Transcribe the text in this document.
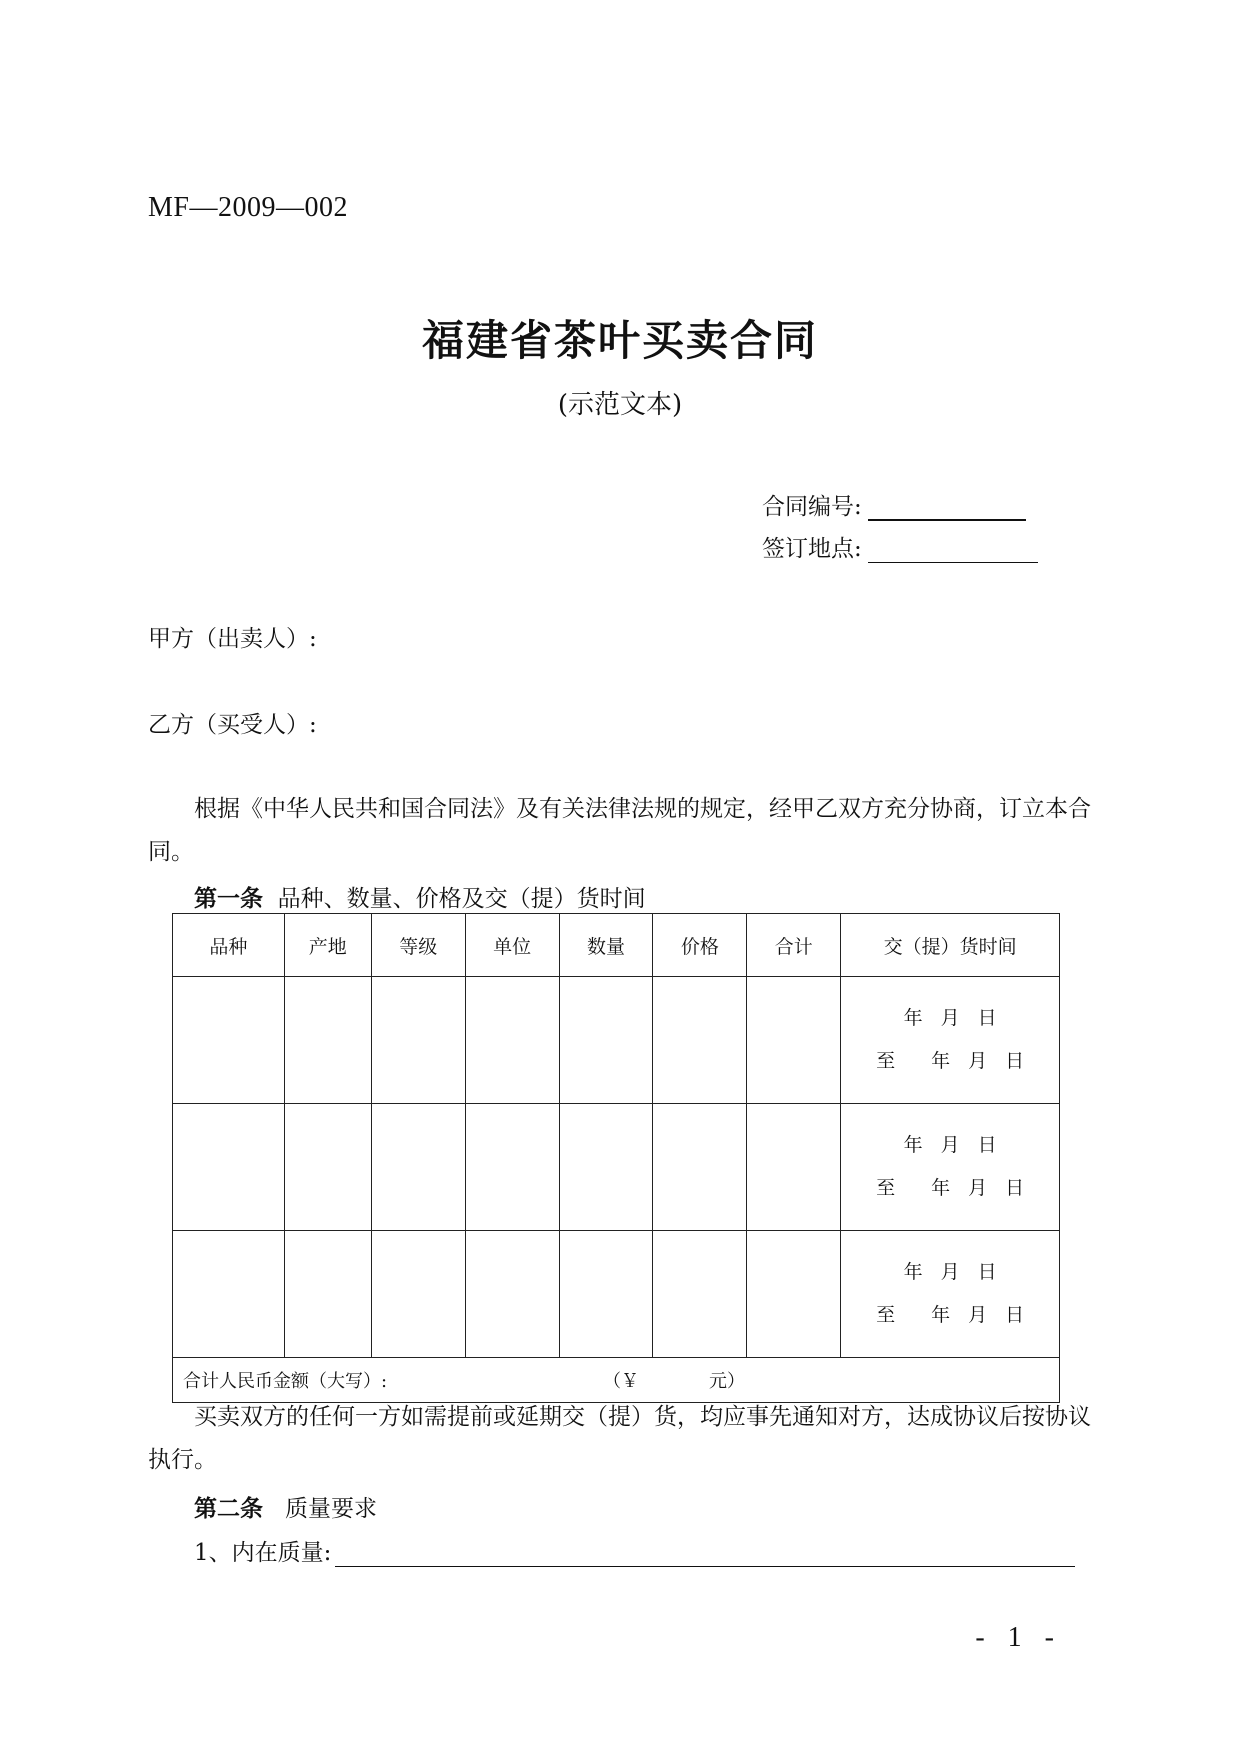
MF—2009—002
福建省茶叶买卖合同
(示范文本)
合同编号:
签订地点:
甲方（出卖人）:
乙方（买受人）:
根据《中华人民共和国合同法》及有关法律法规的规定，经甲乙双方充分协商，订立本合同。
第一条 品种、数量、价格及交（提）货时间
品种	产地	等级	单位	数量	价格	合计	交（提）货时间

							年 月 日
至 年 月 日

							年 月 日
至 年 月 日

							年 月 日
至 年 月 日

合计人民币金额（大写）: （￥ 元）							
买卖双方的任何一方如需提前或延期交（提）货，均应事先通知对方，达成协议后按协议执行。
第二条 质量要求
1、内在质量:
- 1 -
